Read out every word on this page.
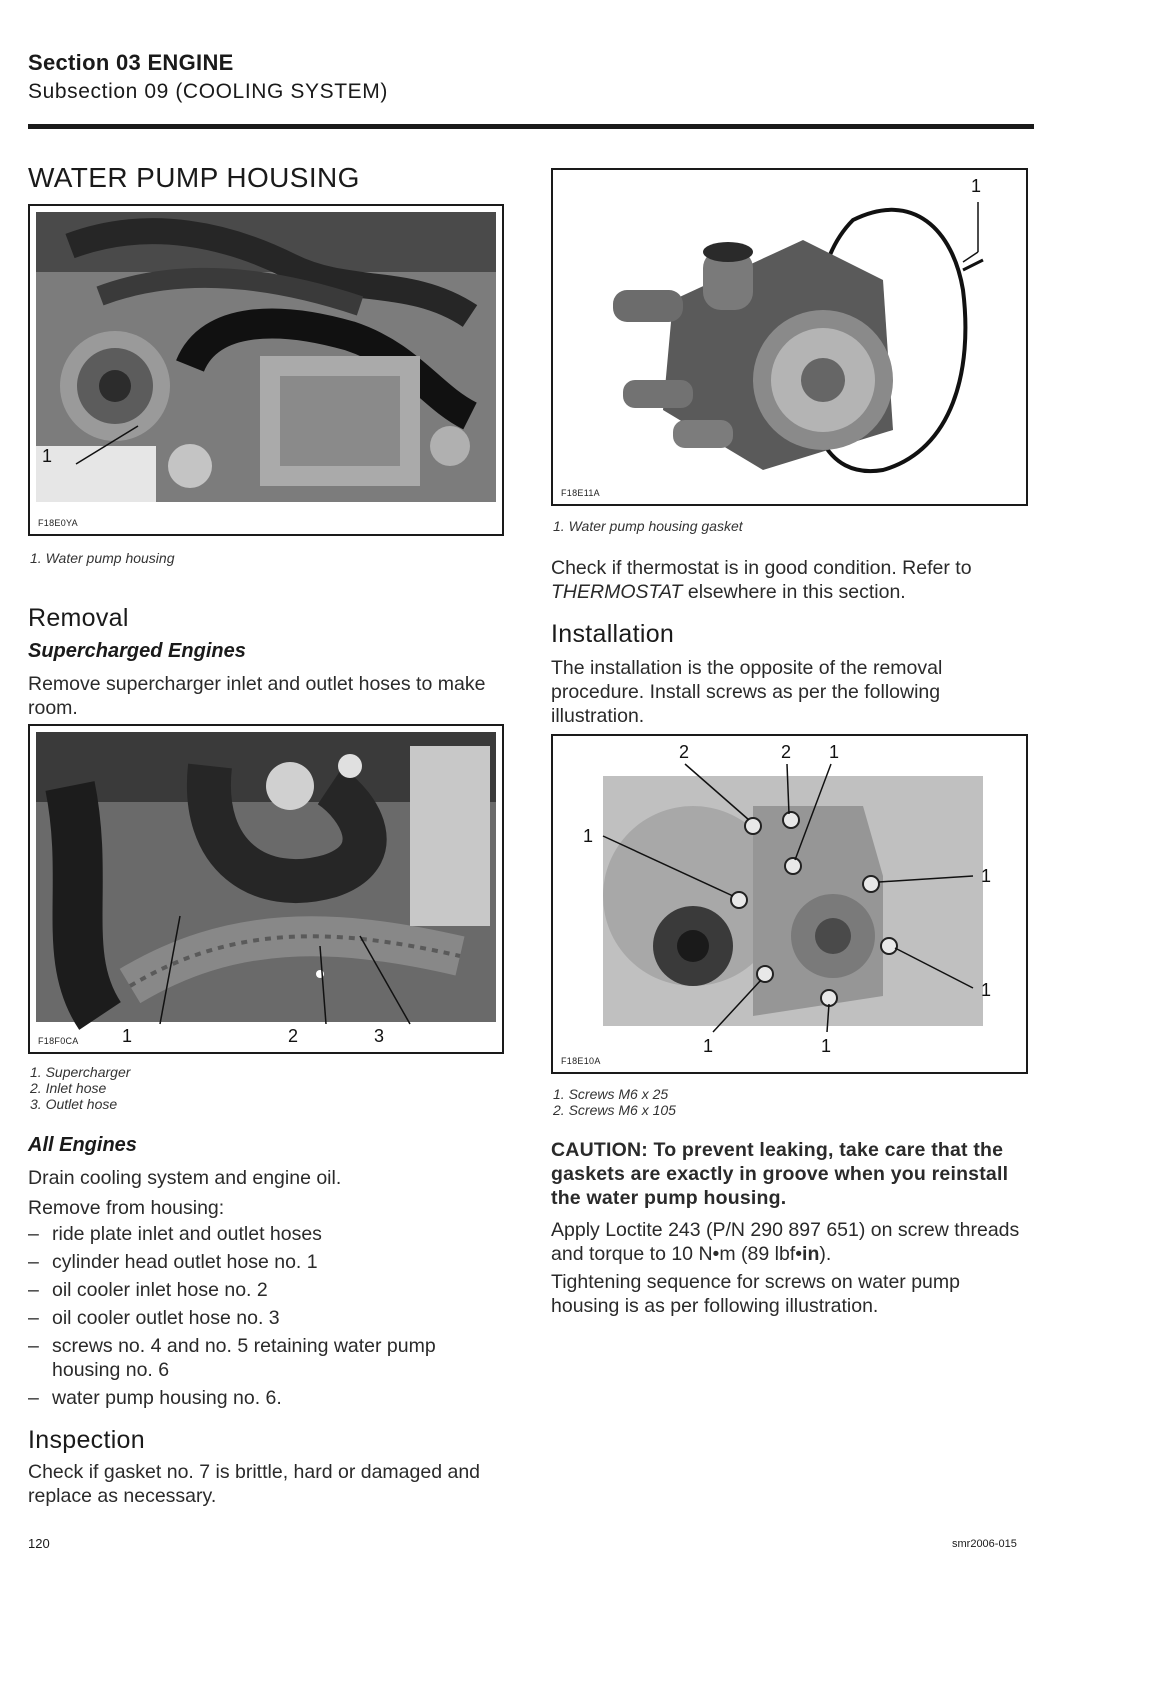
Section 03 ENGINE
Subsection 09 (COOLING SYSTEM)
WATER PUMP HOUSING
1
F18E0YA
1. Water pump housing
Removal
Supercharged Engines
Remove supercharger inlet and outlet hoses to make room.
F18F0CA 1	2	3
1. Supercharger
2. Inlet hose
3. Outlet hose
All Engines
Drain cooling system and engine oil.
Remove from housing:
– ride plate inlet and outlet hoses
– cylinder head outlet hose no. 1
– oil cooler inlet hose no. 2
– oil cooler outlet hose no. 3
– screws no. 4 and no. 5 retaining water pump housing no. 6
– water pump housing no. 6.
Inspection
Check if gasket no. 7 is brittle, hard or damaged and replace as necessary.
1
F18E11A
1. Water pump housing gasket
Check if thermostat is in good condition. Refer to THERMOSTAT elsewhere in this section.
Installation
The installation is the opposite of the removal procedure. Install screws as per the following illustration.
2	2 1
1
1
1
1	1
F18E10A
1. Screws M6 x 25
2. Screws M6 x 105
CAUTION: To prevent leaking, take care that the gaskets are exactly in groove when you reinstall the water pump housing.
Apply Loctite 243 (P/N 290 897 651) on screw threads and torque to 10 N•m (89 lbf•in).
Tightening sequence for screws on water pump housing is as per following illustration.
120	smr2006-015
